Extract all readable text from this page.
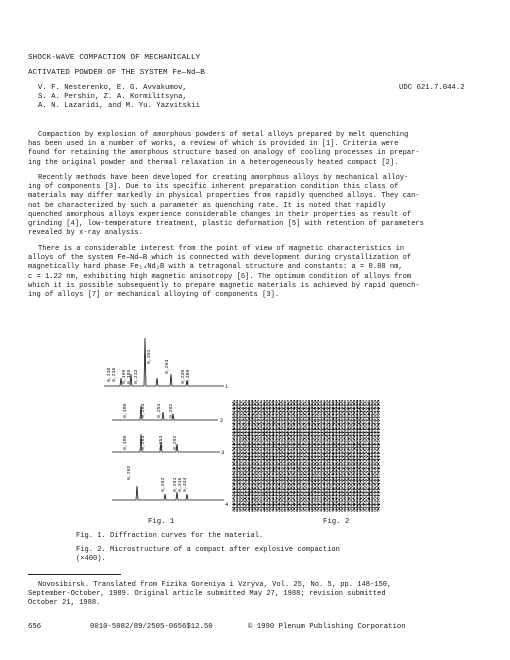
SHOCK-WAVE COMPACTION OF MECHANICALLY
ACTIVATED POWDER OF THE SYSTEM Fe—Nd—B
V. F. Nesterenko, E. G. Avvakumov,
S. A. Pershin, Z. A. Kormilitsyna,
A. N. Lazaridi, and M. Yu. Yazvitskii
UDC 621.7.044.2

Compaction by explosion of amorphous powders of metal alloys prepared by melt quenching

has been used in a number of works, a review of which is provided in [1]. Criteria were

found for retaining the amorphous structure based on analogy of cooling processes in prepar-

ing the original powder and thermal relaxation in a heterogeneously heated compact [2].

Recently methods have been developed for creating amorphous alloys by mechanical alloy-

ing of components [3]. Due to its specific inherent preparation condition this class of

materials may differ markedly in physical properties from rapidly quenched alloys. They can-

not be characterized by such a parameter as quenching rate. It is noted that rapidly

quenched amorphous alloys experience considerable changes in their properties as result of

grinding [4], low-temperature treatment, plastic deformation [5] with retention of parameters

revealed by x-ray analysis.

There is a considerable interest from the point of view of magnetic characteristics in

alloys of the system Fe—Nd—B which is connected with development during crystallization of

magnetically hard phase Fe₁₄Nd₂B with a tetragonal structure and constants: a = 0.88 nm,

c = 1.22 nm, exhibiting high magnetic anisotropy [6]. The optimum condition of alloys from

which it is possible subsequently to prepare magnetic materials is achieved by rapid quench-

ing of alloys [7] or mechanical alloying of components [3].

0,201
0,218 0,215 0,190 0,185 0,212
0,204
0,230 0,380
0,180	0,203 0,253 0,202
0,180	0,203	0,253 0,292
0,202
0,253 0,291 0,316 0,334
1
2
3
4
Fig. 1	Fig. 2
Fig. 1. Diffraction curves for the material.
Fig. 2. Microstructure of a compact after explosive compaction
(×400).

Novosibirsk. Translated from Fizika Goreniya i Vzryva, Vol. 25, No. 5, pp. 148-150,

September-October, 1989. Original article submitted May 27, 1988; revision submitted

October 21, 1988.

656	0010-5082/89/2505-0656$12.50	© 1990 Plenum Publishing Corporation
